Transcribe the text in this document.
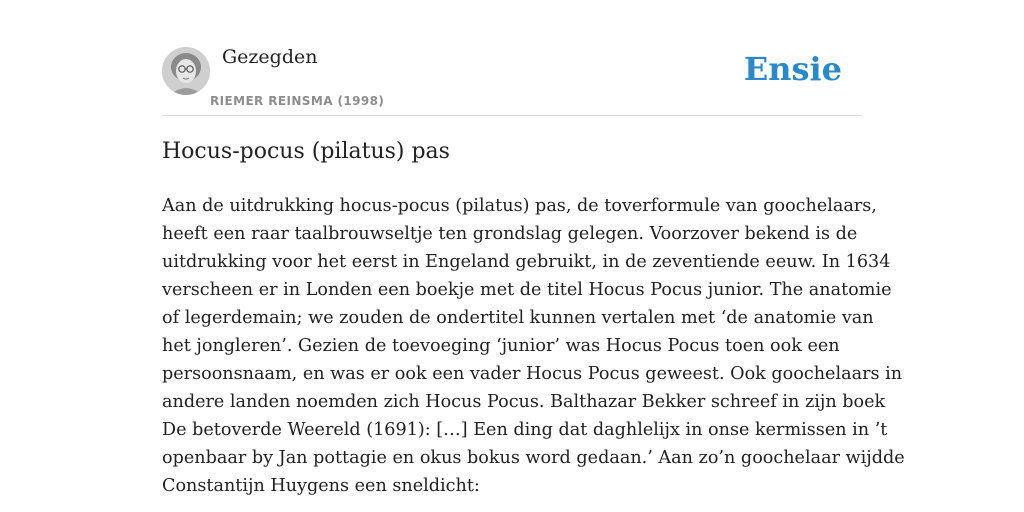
Gezegden
RIEMER REINSMA (1998)
Ensie
Hocus-pocus (pilatus) pas

Aan de uitdrukking hocus-pocus (pilatus) pas, de toverformule van goochelaars,
heeft een raar taalbrouwseltje ten grondslag gelegen. Voorzover bekend is de
uitdrukking voor het eerst in Engeland gebruikt, in de zeventiende eeuw. In 1634
verscheen er in Londen een boekje met de titel Hocus Pocus junior. The anatomie
of legerdemain; we zouden de ondertitel kunnen vertalen met ‘de anatomie van
het jongleren’. Gezien de toevoeging ‘junior’ was Hocus Pocus toen ook een
persoonsnaam, en was er ook een vader Hocus Pocus geweest. Ook goochelaars in
andere landen noemden zich Hocus Pocus. Balthazar Bekker schreef in zijn boek
De betoverde Weereld (1691): […] Een ding dat daghlelijx in onse kermissen in ’t
openbaar by Jan pottagie en okus bokus word gedaan.’ Aan zo’n goochelaar wijdde
Constantijn Huygens een sneldicht:
